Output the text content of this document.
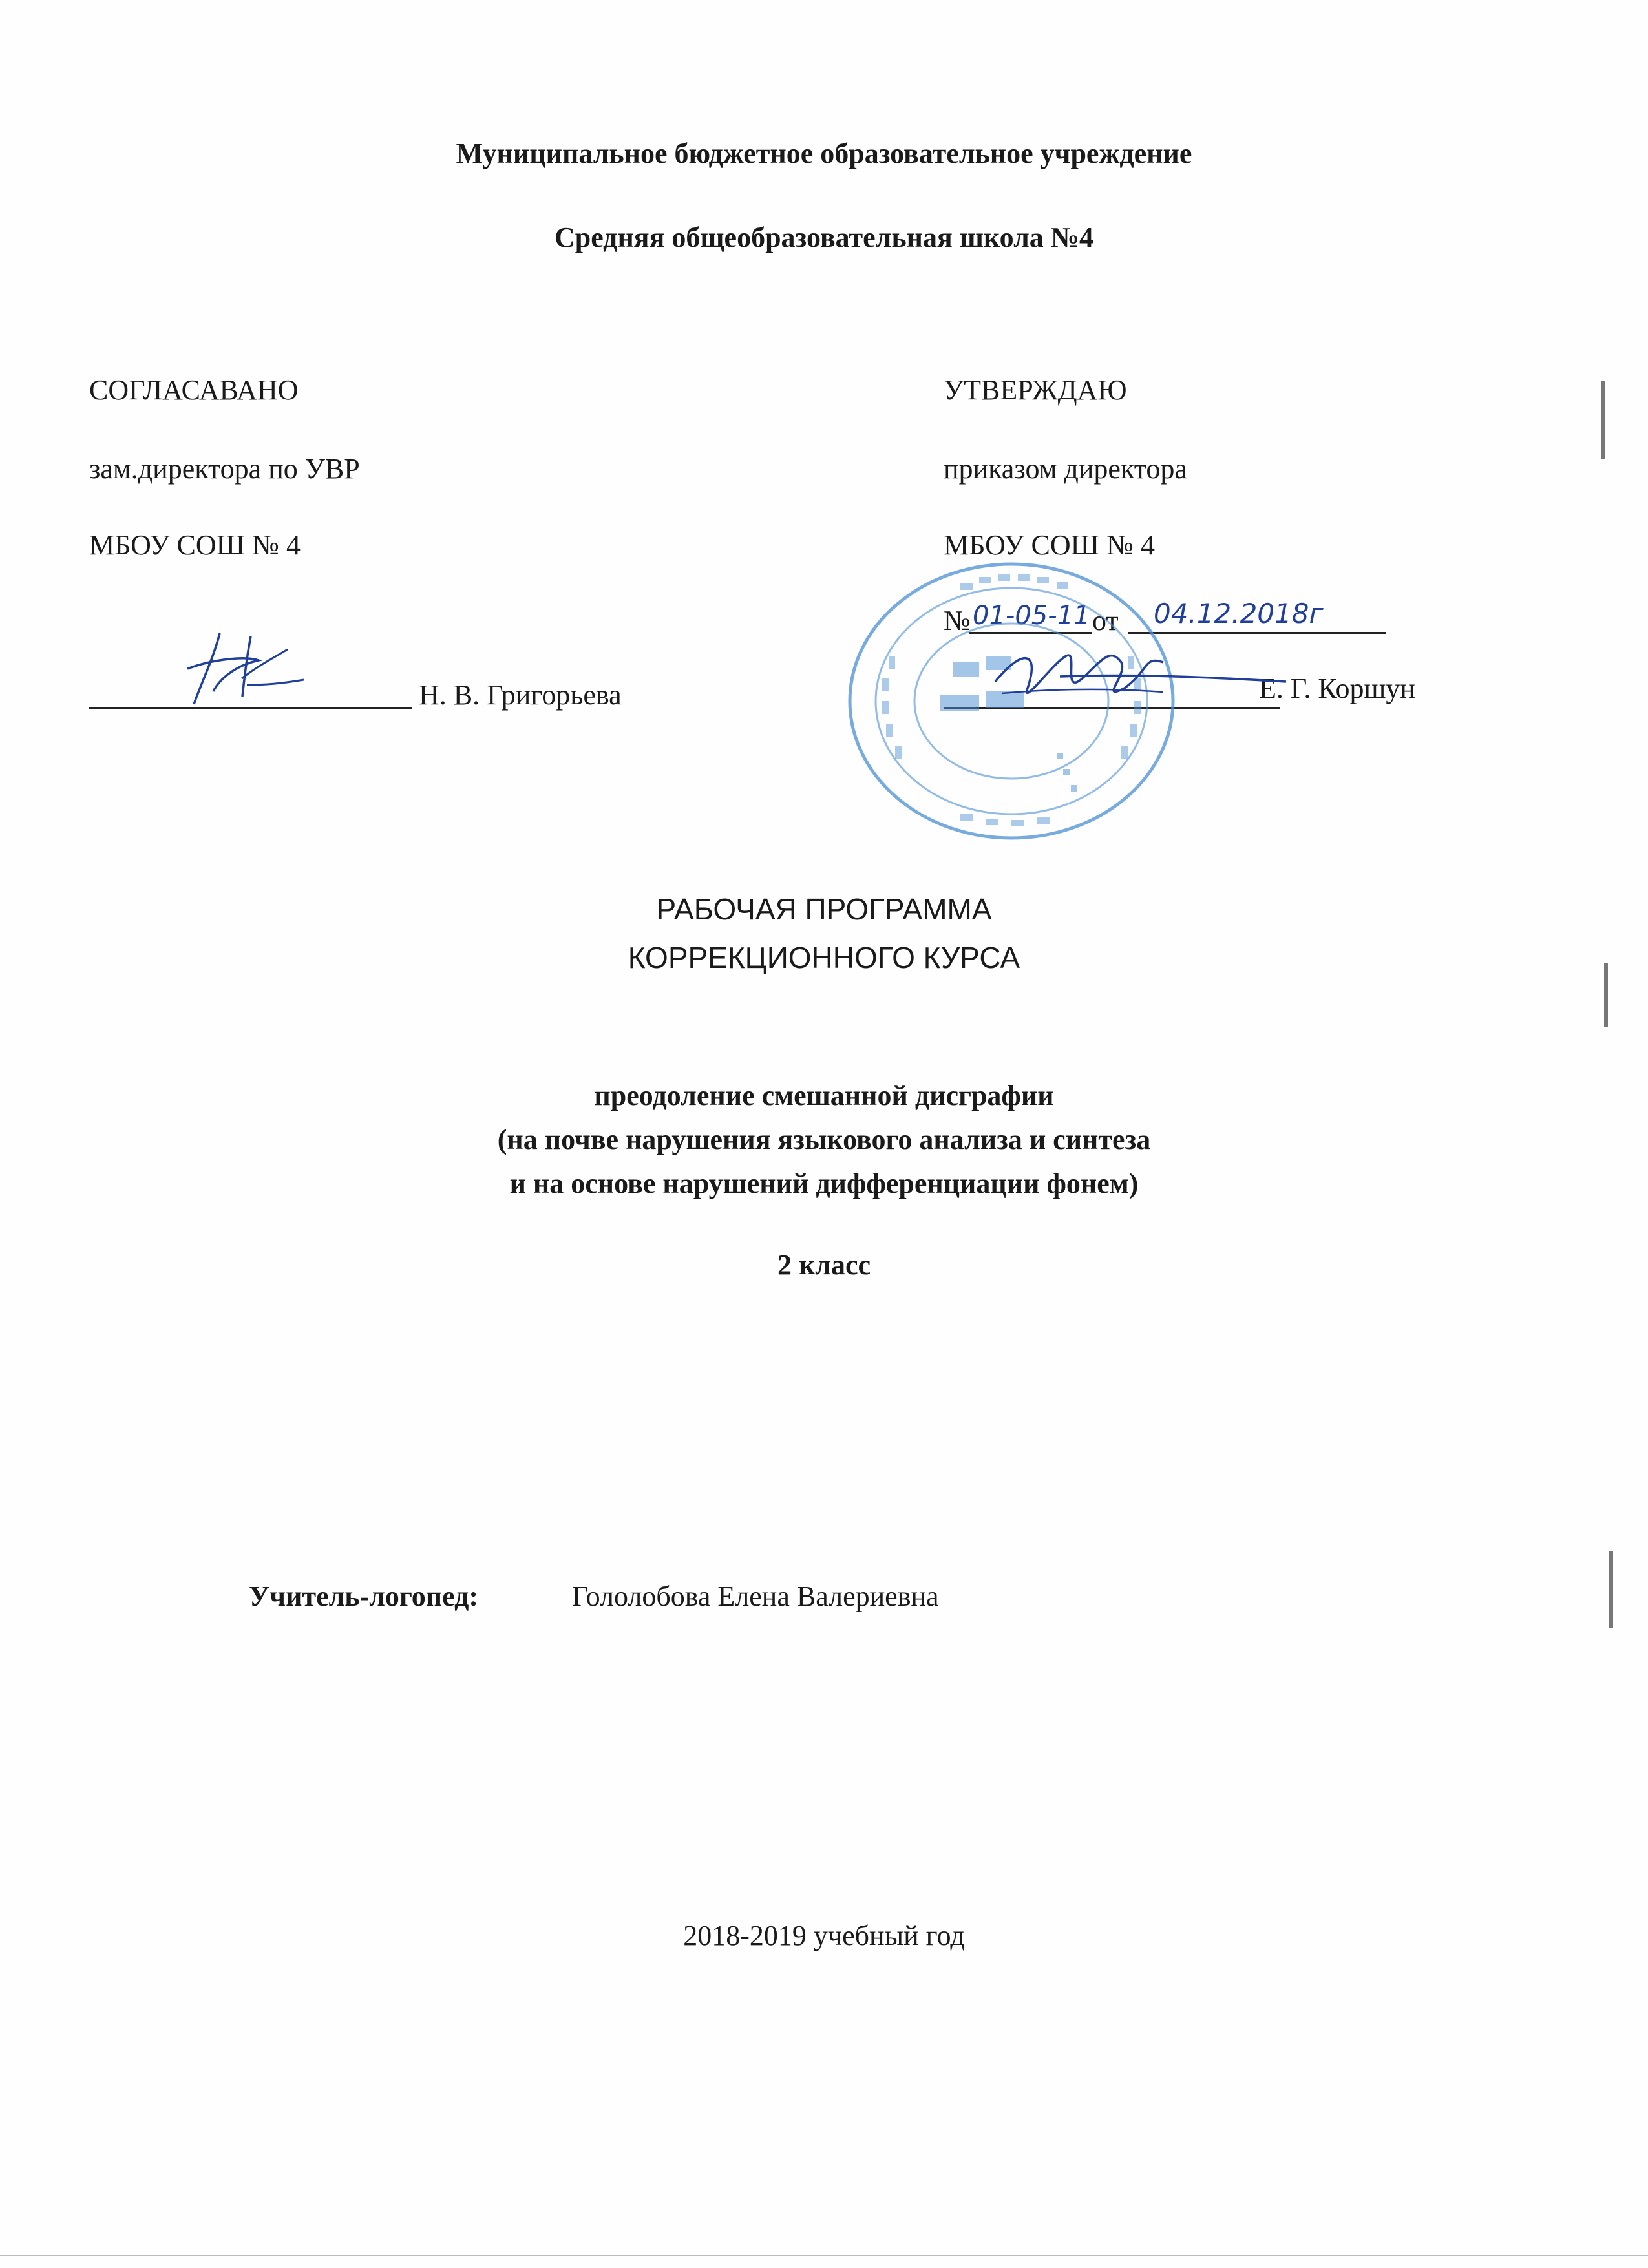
Муниципальное бюджетное образовательное учреждение
Средняя общеобразовательная школа №4
СОГЛАСАВАНО
зам.директора по УВР
МБОУ СОШ № 4
Н. В. Григорьева
УТВЕРЖДАЮ
приказом директора
МБОУ СОШ № 4
№ 01-05-11 от 04.12.2018г
Е. Г. Коршун
РАБОЧАЯ ПРОГРАММА
КОРРЕКЦИОННОГО КУРСА
преодоление смешанной дисграфии
(на почве нарушения языкового анализа и синтеза
и на основе нарушений дифференциации фонем)
2 класс
Учитель-логопед:	Гололобова Елена Валериевна
2018-2019 учебный год
